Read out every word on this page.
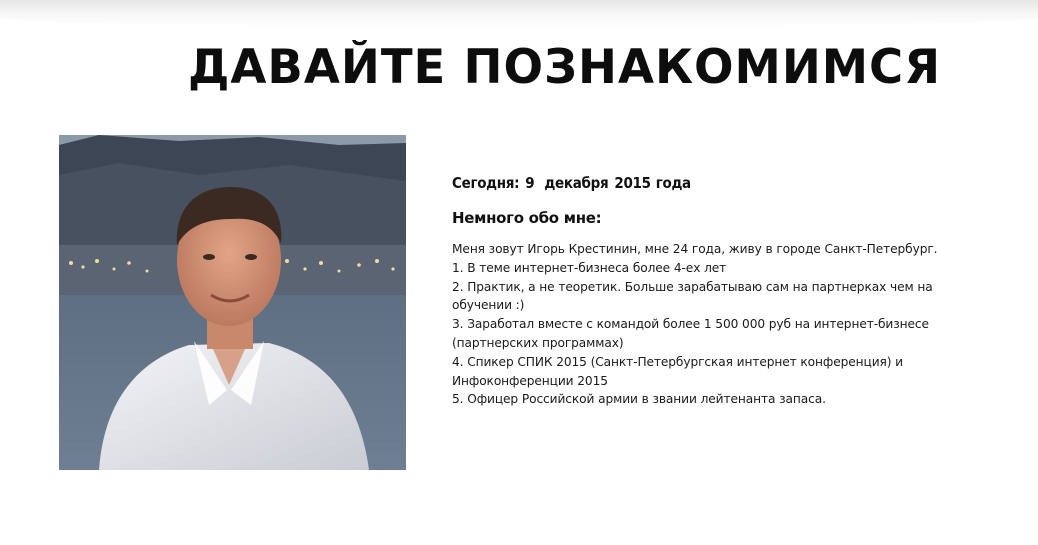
ДАВАЙТЕ ПОЗНАКОМИМСЯ

Сегодня: 9 декабря 2015 года

Немного обо мне:
Меня зовут Игорь Крестинин, мне 24 года, живу в городе Санкт-Петербург.
1. В теме интернет-бизнеса более 4-ех лет
2. Практик, а не теоретик. Больше зарабатываю сам на партнерках чем на
обучении :)
3. Заработал вместе с командой более 1 500 000 руб на интернет-бизнесе
(партнерских программах)
4. Спикер СПИК 2015 (Санкт-Петербургская интернет конференция) и
Инфоконференции 2015
5. Офицер Российской армии в звании лейтенанта запаса.
